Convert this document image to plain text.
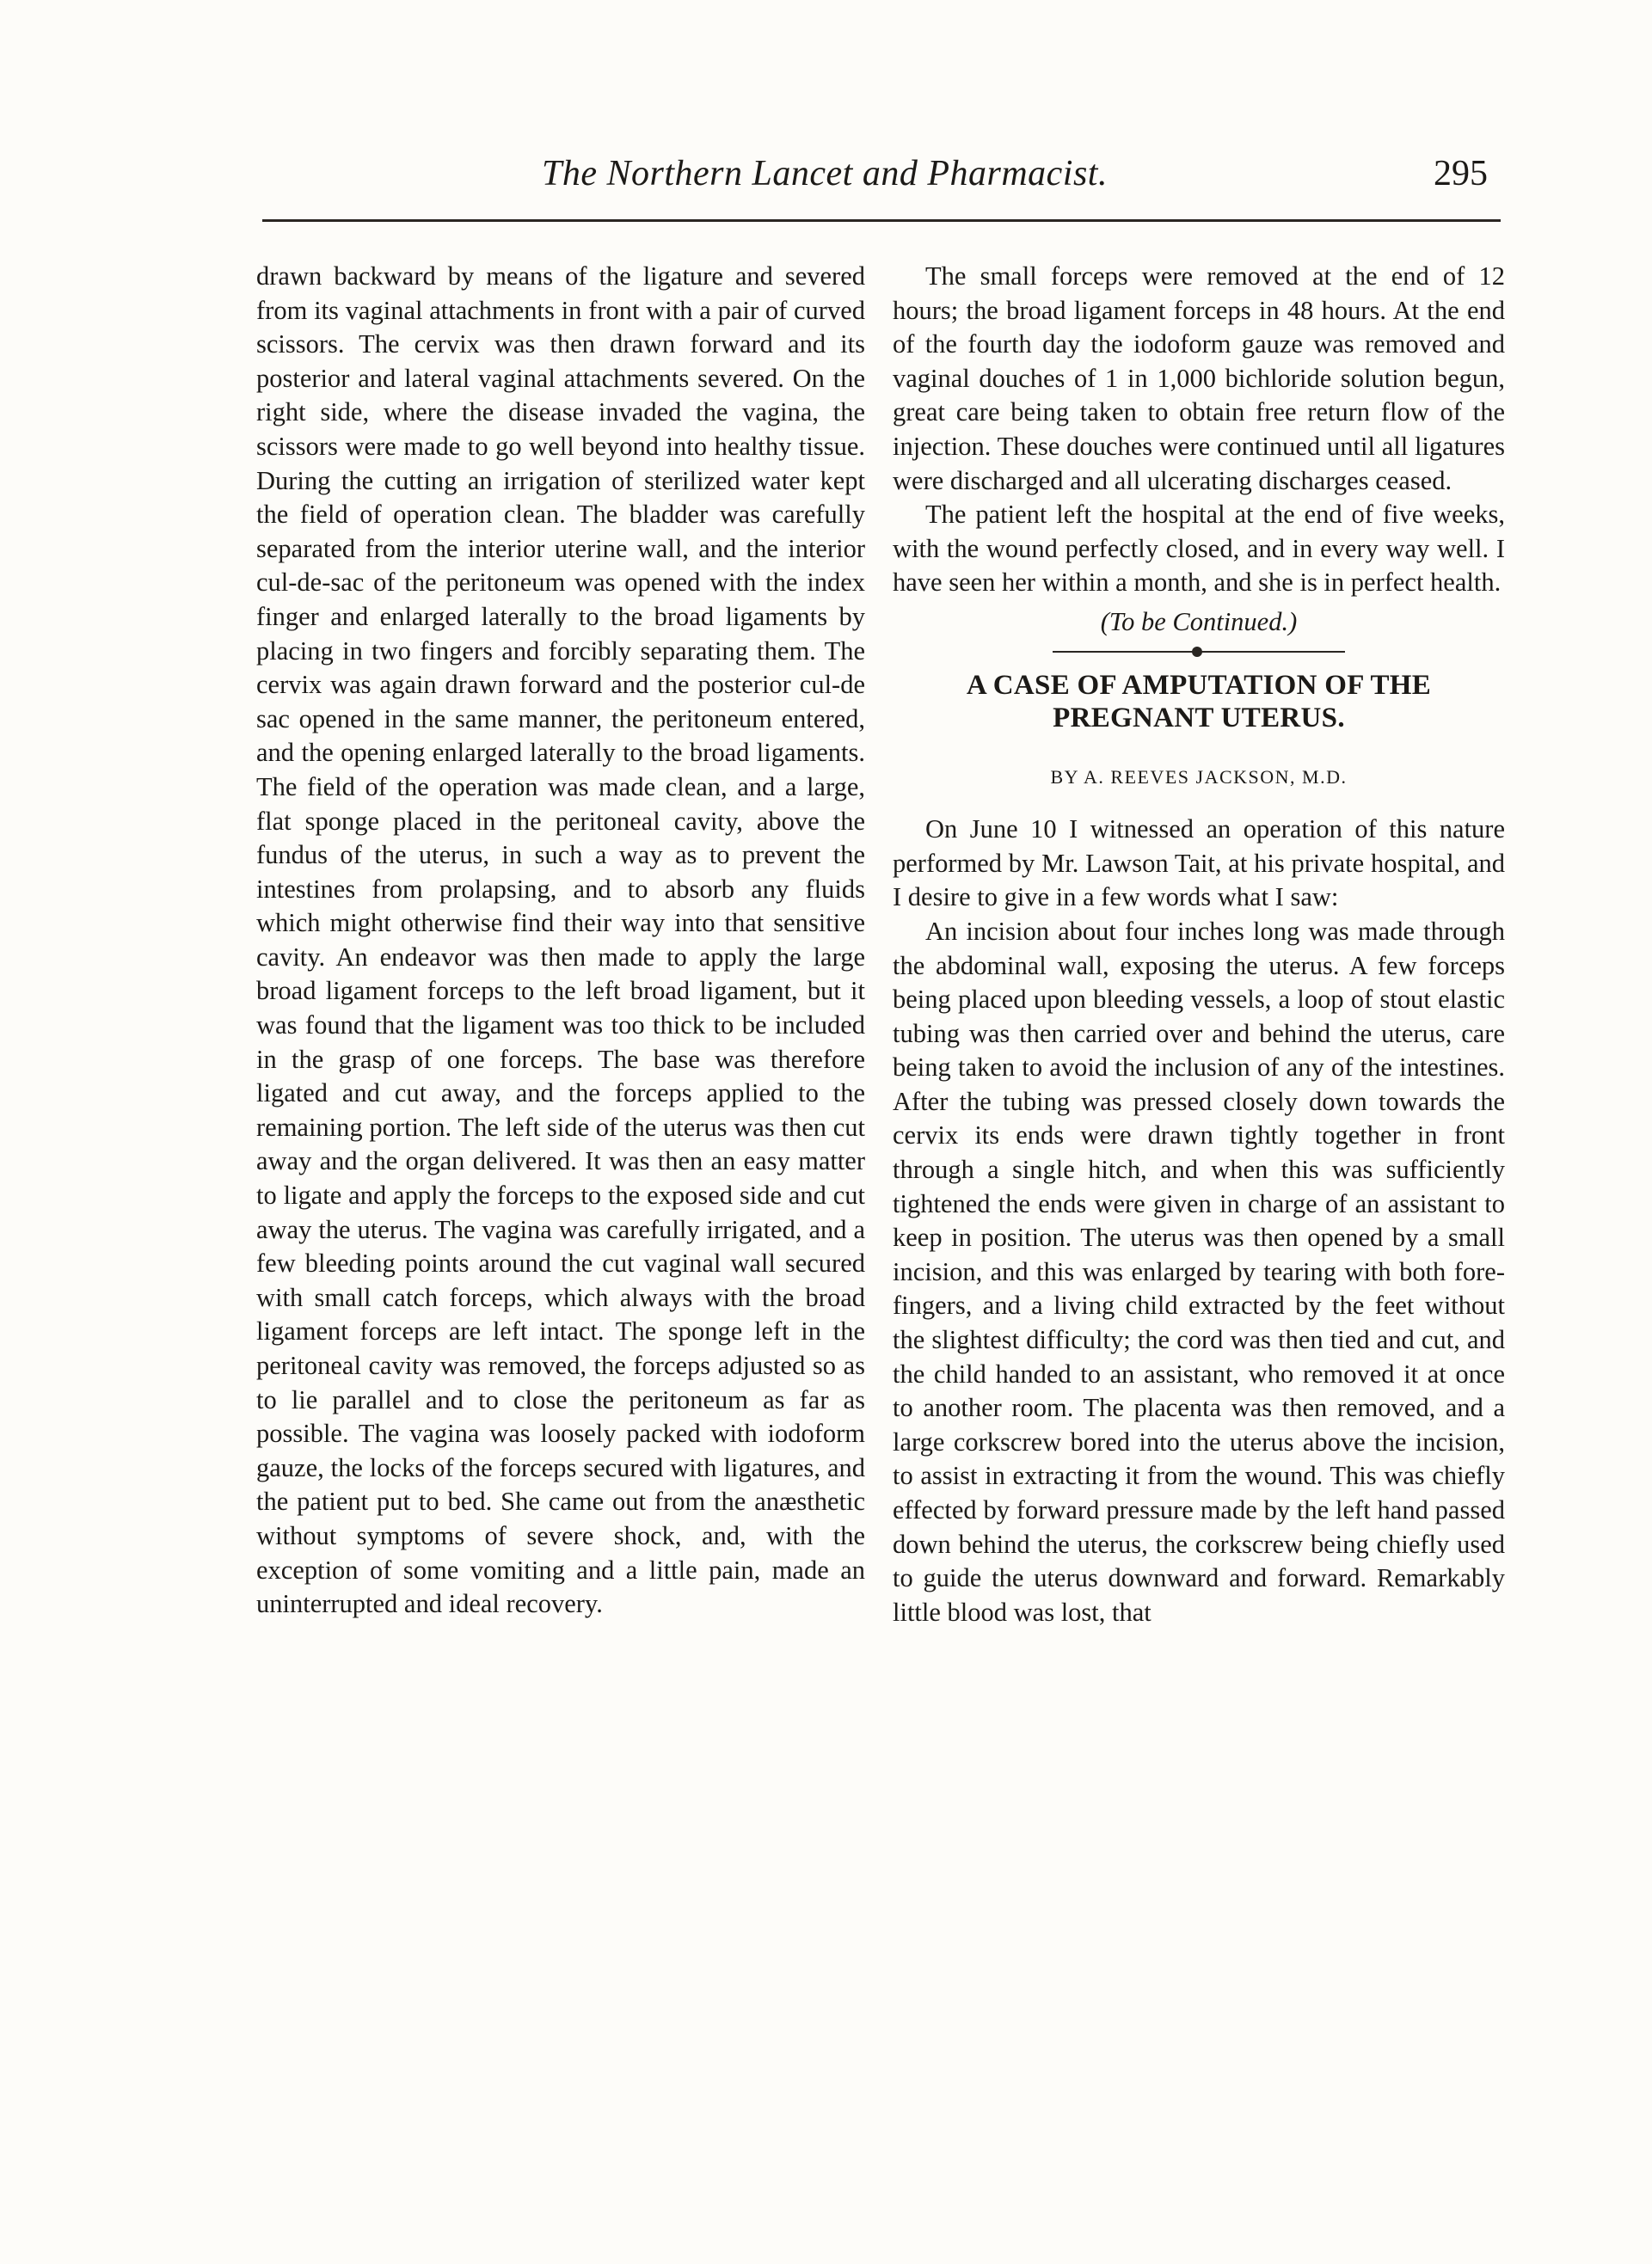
The Northern Lancet and Pharmacist.	295

drawn backward by means of the ligature and severed from its vaginal attachments in front with a pair of curved scissors. The cervix was then drawn forward and its posterior and lateral vaginal attachments severed. On the right side, where the disease invaded the vagina, the scissors were made to go well beyond into healthy tissue. During the cutting an irrigation of sterilized water kept the field of operation clean. The bladder was carefully separated from the interior uterine wall, and the interior cul-de-sac of the peritoneum was opened with the index finger and enlarged laterally to the broad ligaments by placing in two fingers and forcibly separating them. The cervix was again drawn forward and the posterior cul-de sac opened in the same manner, the peritoneum entered, and the opening enlarged laterally to the broad ligaments. The field of the operation was made clean, and a large, flat sponge placed in the peritoneal cavity, above the fundus of the uterus, in such a way as to prevent the intestines from prolapsing, and to absorb any fluids which might otherwise find their way into that sensitive cavity. An endeavor was then made to apply the large broad ligament forceps to the left broad ligament, but it was found that the ligament was too thick to be included in the grasp of one forceps. The base was therefore ligated and cut away, and the forceps applied to the remaining portion. The left side of the uterus was then cut away and the organ delivered. It was then an easy matter to ligate and apply the forceps to the exposed side and cut away the uterus. The vagina was carefully irrigated, and a few bleeding points around the cut vaginal wall secured with small catch forceps, which always with the broad ligament forceps are left intact. The sponge left in the peritoneal cavity was removed, the forceps adjusted so as to lie parallel and to close the peritoneum as far as possible. The vagina was loosely packed with iodoform gauze, the locks of the forceps secured with ligatures, and the patient put to bed. She came out from the anæsthetic without symptoms of severe shock, and, with the exception of some vomiting and a little pain, made an uninterrupted and ideal recovery.

The small forceps were removed at the end of 12 hours; the broad ligament forceps in 48 hours. At the end of the fourth day the iodoform gauze was removed and vaginal douches of 1 in 1,000 bichloride solution begun, great care being taken to obtain free return flow of the injection. These douches were continued until all ligatures were discharged and all ulcerating discharges ceased.

The patient left the hospital at the end of five weeks, with the wound perfectly closed, and in every way well. I have seen her within a month, and she is in perfect health.

(To be Continued.)

A CASE OF AMPUTATION OF THE PREGNANT UTERUS.
BY A. REEVES JACKSON, M.D.

On June 10 I witnessed an operation of this nature performed by Mr. Lawson Tait, at his private hospital, and I desire to give in a few words what I saw:

An incision about four inches long was made through the abdominal wall, exposing the uterus. A few forceps being placed upon bleeding vessels, a loop of stout elastic tubing was then carried over and behind the uterus, care being taken to avoid the inclusion of any of the intestines. After the tubing was pressed closely down towards the cervix its ends were drawn tightly together in front through a single hitch, and when this was sufficiently tightened the ends were given in charge of an assistant to keep in position. The uterus was then opened by a small incision, and this was enlarged by tearing with both fore-fingers, and a living child extracted by the feet without the slightest difficulty; the cord was then tied and cut, and the child handed to an assistant, who removed it at once to another room. The placenta was then removed, and a large corkscrew bored into the uterus above the incision, to assist in extracting it from the wound. This was chiefly effected by forward pressure made by the left hand passed down behind the uterus, the corkscrew being chiefly used to guide the uterus downward and forward. Remarkably little blood was lost, that
